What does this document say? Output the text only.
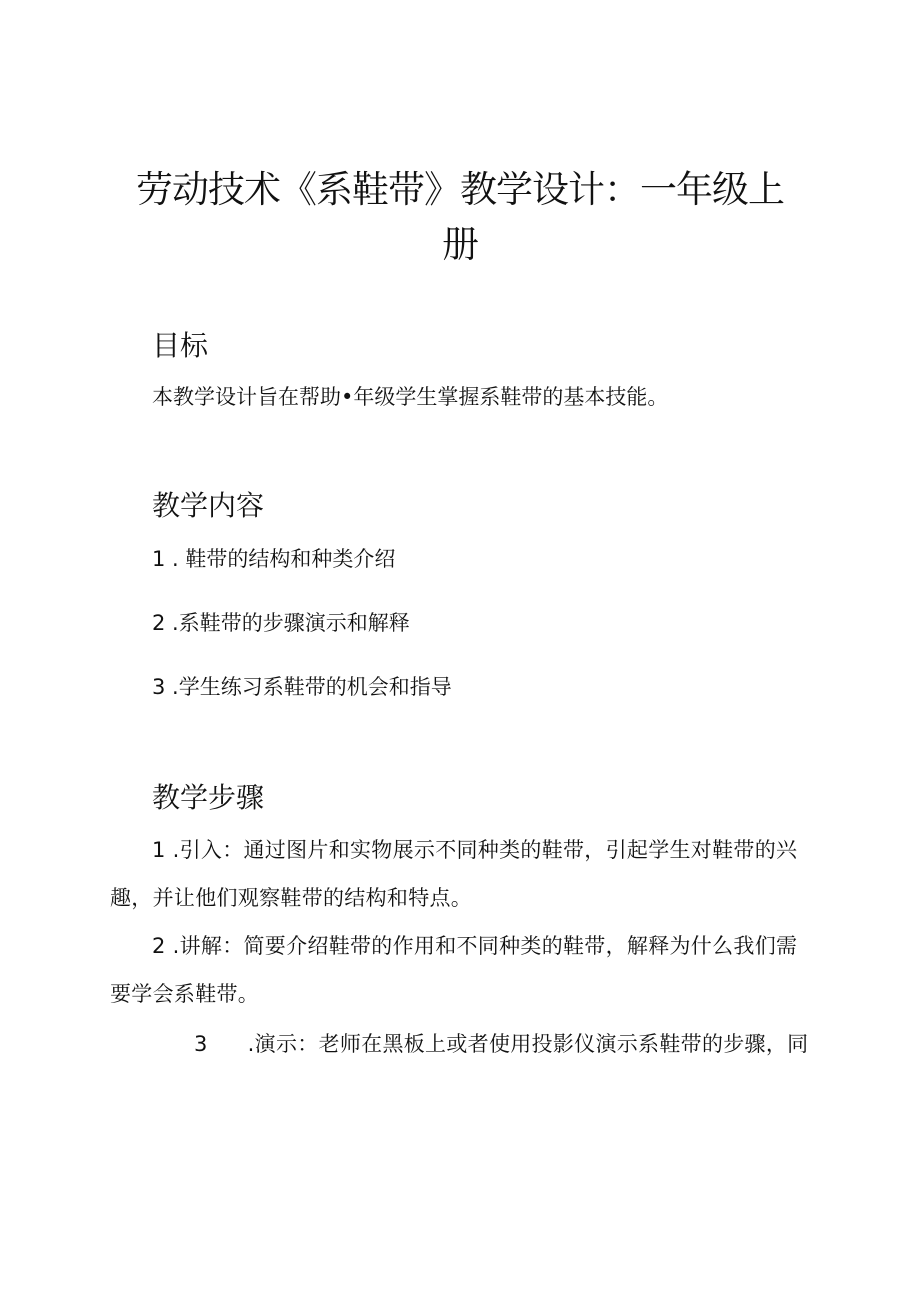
劳动技术《系鞋带》教学设计：一年级上册
目标

本教学设计旨在帮助•年级学生掌握系鞋带的基本技能。

教学内容

1 . 鞋带的结构和种类介绍

2 .系鞋带的步骤演示和解释

3 .学生练习系鞋带的机会和指导

教学步骤

1 .引入：通过图片和实物展示不同种类的鞋带，引起学生对鞋带的兴趣，并让他们观察鞋带的结构和特点。

2 .讲解：简要介绍鞋带的作用和不同种类的鞋带，解释为什么我们需要学会系鞋带。

3 .演示：老师在黑板上或者使用投影仪演示系鞋带的步骤，同
